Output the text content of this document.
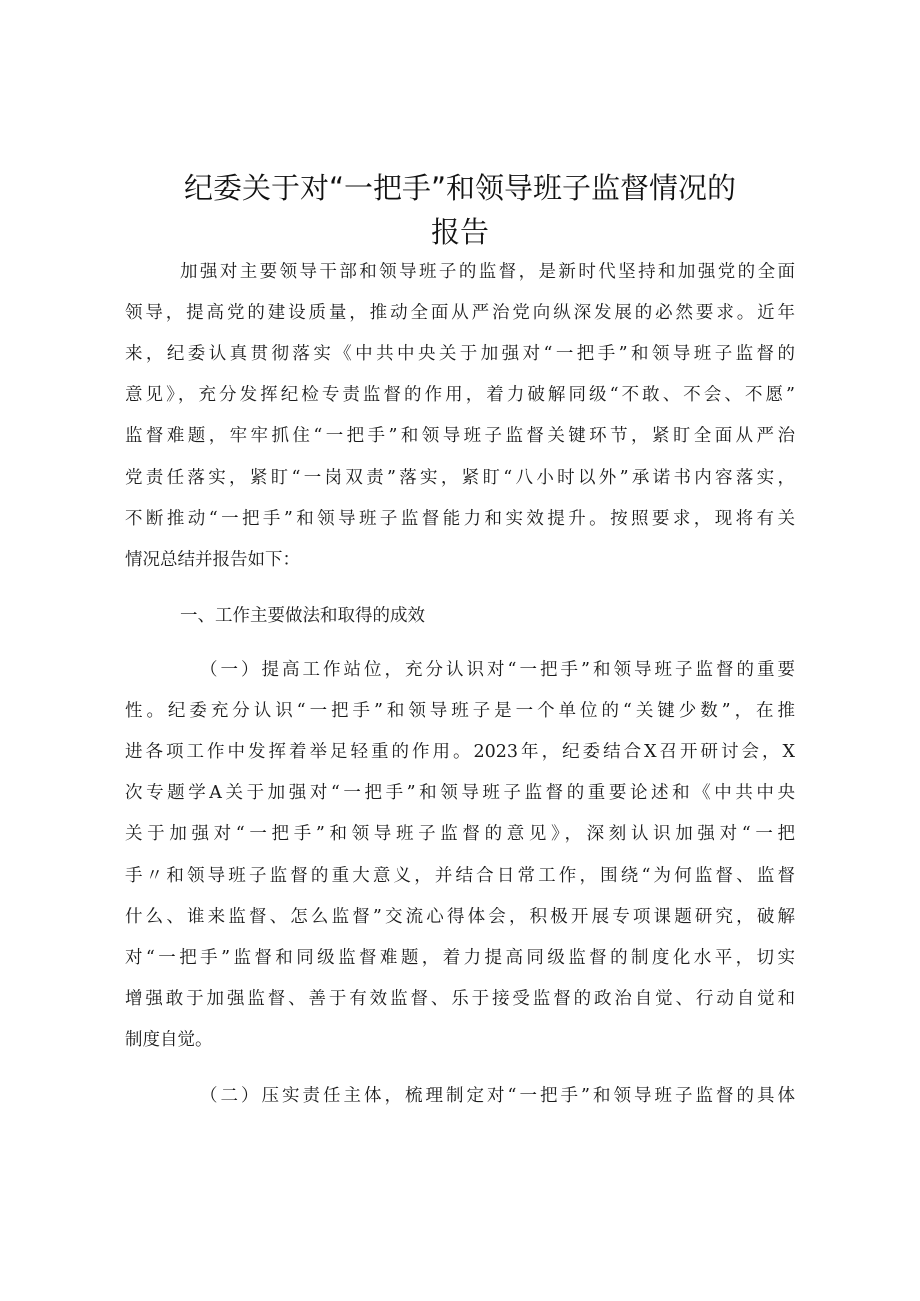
纪委关于对“一把手”和领导班子监督情况的
报告
加强对主要领导干部和领导班子的监督，是新时代坚持和加强党的全面
领导，提高党的建设质量，推动全面从严治党向纵深发展的必然要求。近年
来，纪委认真贯彻落实《中共中央关于加强对“一把手”和领导班子监督的
意见》，充分发挥纪检专责监督的作用，着力破解同级“不敢、不会、不愿”
监督难题，牢牢抓住“一把手”和领导班子监督关键环节，紧盯全面从严治
党责任落实，紧盯“一岗双责”落实，紧盯“八小时以外”承诺书内容落实，
不断推动“一把手”和领导班子监督能力和实效提升。按照要求，现将有关
情况总结并报告如下：
一、工作主要做法和取得的成效
（一）提高工作站位，充分认识对“一把手”和领导班子监督的重要
性。纪委充分认识“一把手”和领导班子是一个单位的“关键少数”，在推
进各项工作中发挥着举足轻重的作用。2023年，纪委结合X召开研讨会，X
次专题学A关于加强对“一把手”和领导班子监督的重要论述和《中共中央
关于加强对“一把手”和领导班子监督的意见》，深刻认识加强对“一把
手〃和领导班子监督的重大意义，并结合日常工作，围绕“为何监督、监督
什么、谁来监督、怎么监督”交流心得体会，积极开展专项课题研究，破解
对“一把手”监督和同级监督难题，着力提高同级监督的制度化水平，切实
增强敢于加强监督、善于有效监督、乐于接受监督的政治自觉、行动自觉和
制度自觉。
（二）压实责任主体，梳理制定对“一把手”和领导班子监督的具体
